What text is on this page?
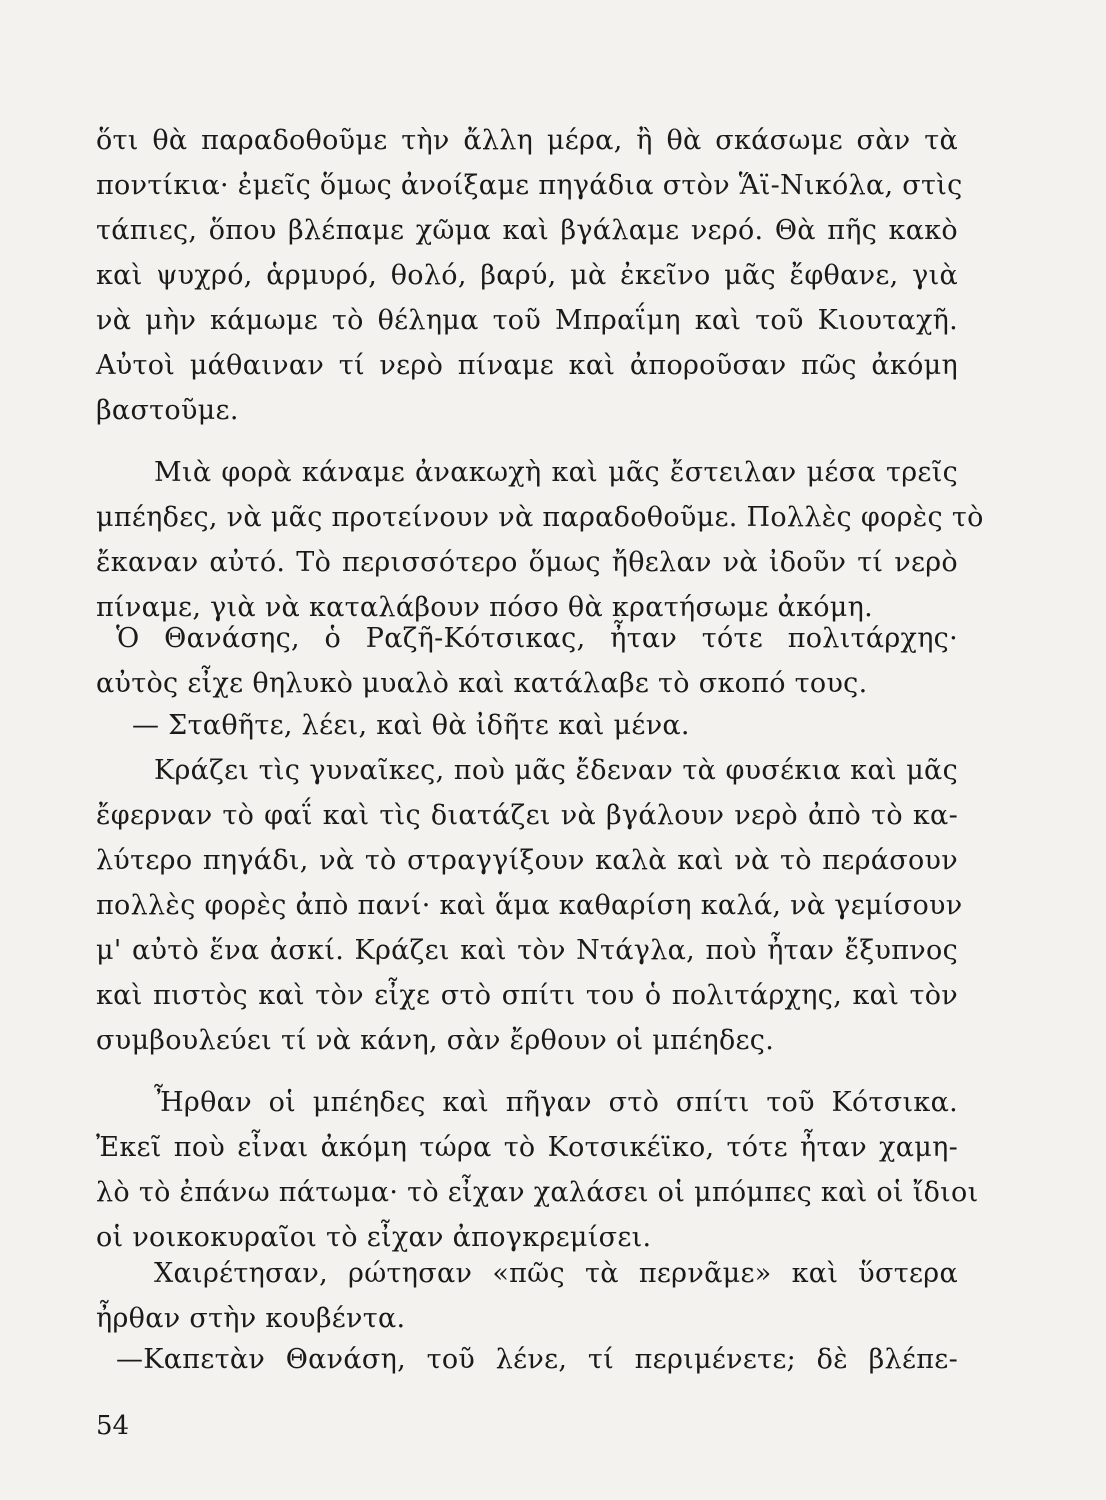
ὅτι θὰ παραδοθοῦμε τὴν ἄλλη μέρα, ἢ θὰ σκάσωμε σὰν τὰ
ποντίκια· ἐμεῖς ὅμως ἀνοίξαμε πηγάδια στὸν Ἅϊ-Νικόλα, στὶς
τάπιες, ὅπου βλέπαμε χῶμα καὶ βγάλαμε νερό. Θὰ πῆς κακὸ
καὶ ψυχρό, ἁρμυρό, θολό, βαρύ, μὰ ἐκεῖνο μᾶς ἔφθανε, γιὰ
νὰ μὴν κάμωμε τὸ θέλημα τοῦ Μπραΐμη καὶ τοῦ Κιουταχῆ.
Αὐτοὶ μάθαιναν τί νερὸ πίναμε καὶ ἀποροῦσαν πῶς ἀκόμη
βαστοῦμε.
Μιὰ φορὰ κάναμε ἀνακωχὴ καὶ μᾶς ἔστειλαν μέσα τρεῖς
μπέηδες, νὰ μᾶς προτείνουν νὰ παραδοθοῦμε. Πολλὲς φορὲς τὸ
ἔκαναν αὐτό. Τὸ περισσότερο ὅμως ἤθελαν νὰ ἰδοῦν τί νερὸ
πίναμε, γιὰ νὰ καταλάβουν πόσο θὰ κρατήσωμε ἀκόμη.
Ὁ Θανάσης, ὁ Ραζῆ-Κότσικας, ἦταν τότε πολιτάρχης·
αὐτὸς εἶχε θηλυκὸ μυαλὸ καὶ κατάλαβε τὸ σκοπό τους.
— Σταθῆτε, λέει, καὶ θὰ ἰδῆτε καὶ μένα.
Κράζει τὶς γυναῖκες, ποὺ μᾶς ἔδεναν τὰ φυσέκια καὶ μᾶς
ἔφερναν τὸ φαΐ καὶ τὶς διατάζει νὰ βγάλουν νερὸ ἀπὸ τὸ κα-
λύτερο πηγάδι, νὰ τὸ στραγγίξουν καλὰ καὶ νὰ τὸ περάσουν
πολλὲς φορὲς ἀπὸ πανί· καὶ ἅμα καθαρίση καλά, νὰ γεμίσουν
μ' αὐτὸ ἕνα ἀσκί. Κράζει καὶ τὸν Ντάγλα, ποὺ ἦταν ἔξυπνος
καὶ πιστὸς καὶ τὸν εἶχε στὸ σπίτι του ὁ πολιτάρχης, καὶ τὸν
συμβουλεύει τί νὰ κάνη, σὰν ἔρθουν οἱ μπέηδες.
Ἦρθαν οἱ μπέηδες καὶ πῆγαν στὸ σπίτι τοῦ Κότσικα.
Ἐκεῖ ποὺ εἶναι ἀκόμη τώρα τὸ Κοτσικέϊκο, τότε ἦταν χαμη-
λὸ τὸ ἐπάνω πάτωμα· τὸ εἶχαν χαλάσει οἱ μπόμπες καὶ οἱ ἴδιοι
οἱ νοικοκυραῖοι τὸ εἶχαν ἀπογκρεμίσει.
Χαιρέτησαν, ρώτησαν «πῶς τὰ περνᾶμε» καὶ ὕστερα
ἦρθαν στὴν κουβέντα.
—Καπετὰν Θανάση, τοῦ λένε, τί περιμένετε; δὲ βλέπε-
54
